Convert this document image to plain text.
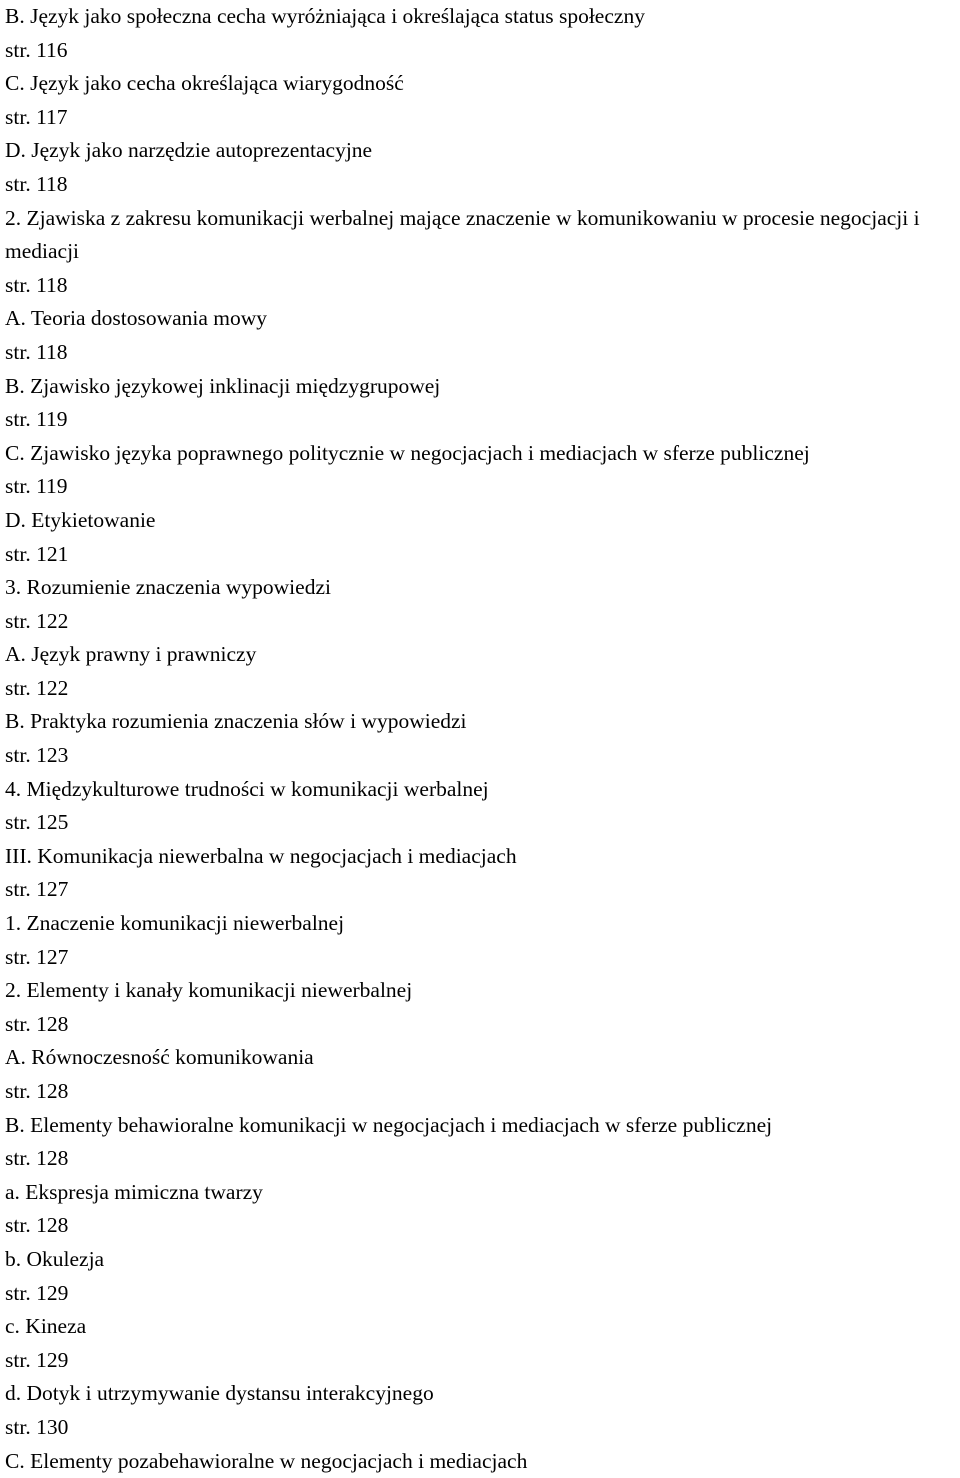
B. Język jako społeczna cecha wyróżniająca i określająca status społeczny
str. 116
C. Język jako cecha określająca wiarygodność
str. 117
D. Język jako narzędzie autoprezentacyjne
str. 118
2. Zjawiska z zakresu komunikacji werbalnej mające znaczenie w komunikowaniu w procesie negocjacji i mediacji
str. 118
A. Teoria dostosowania mowy
str. 118
B. Zjawisko językowej inklinacji międzygrupowej
str. 119
C. Zjawisko języka poprawnego politycznie w negocjacjach i mediacjach w sferze publicznej
str. 119
D. Etykietowanie
str. 121
3. Rozumienie znaczenia wypowiedzi
str. 122
A. Język prawny i prawniczy
str. 122
B. Praktyka rozumienia znaczenia słów i wypowiedzi
str. 123
4. Międzykulturowe trudności w komunikacji werbalnej
str. 125
III. Komunikacja niewerbalna w negocjacjach i mediacjach
str. 127
1. Znaczenie komunikacji niewerbalnej
str. 127
2. Elementy i kanały komunikacji niewerbalnej
str. 128
A. Równoczesność komunikowania
str. 128
B. Elementy behawioralne komunikacji w negocjacjach i mediacjach w sferze publicznej
str. 128
a. Ekspresja mimiczna twarzy
str. 128
b. Okulezja
str. 129
c. Kineza
str. 129
d. Dotyk i utrzymywanie dystansu interakcyjnego
str. 130
C. Elementy pozabehawioralne w negocjacjach i mediacjach
